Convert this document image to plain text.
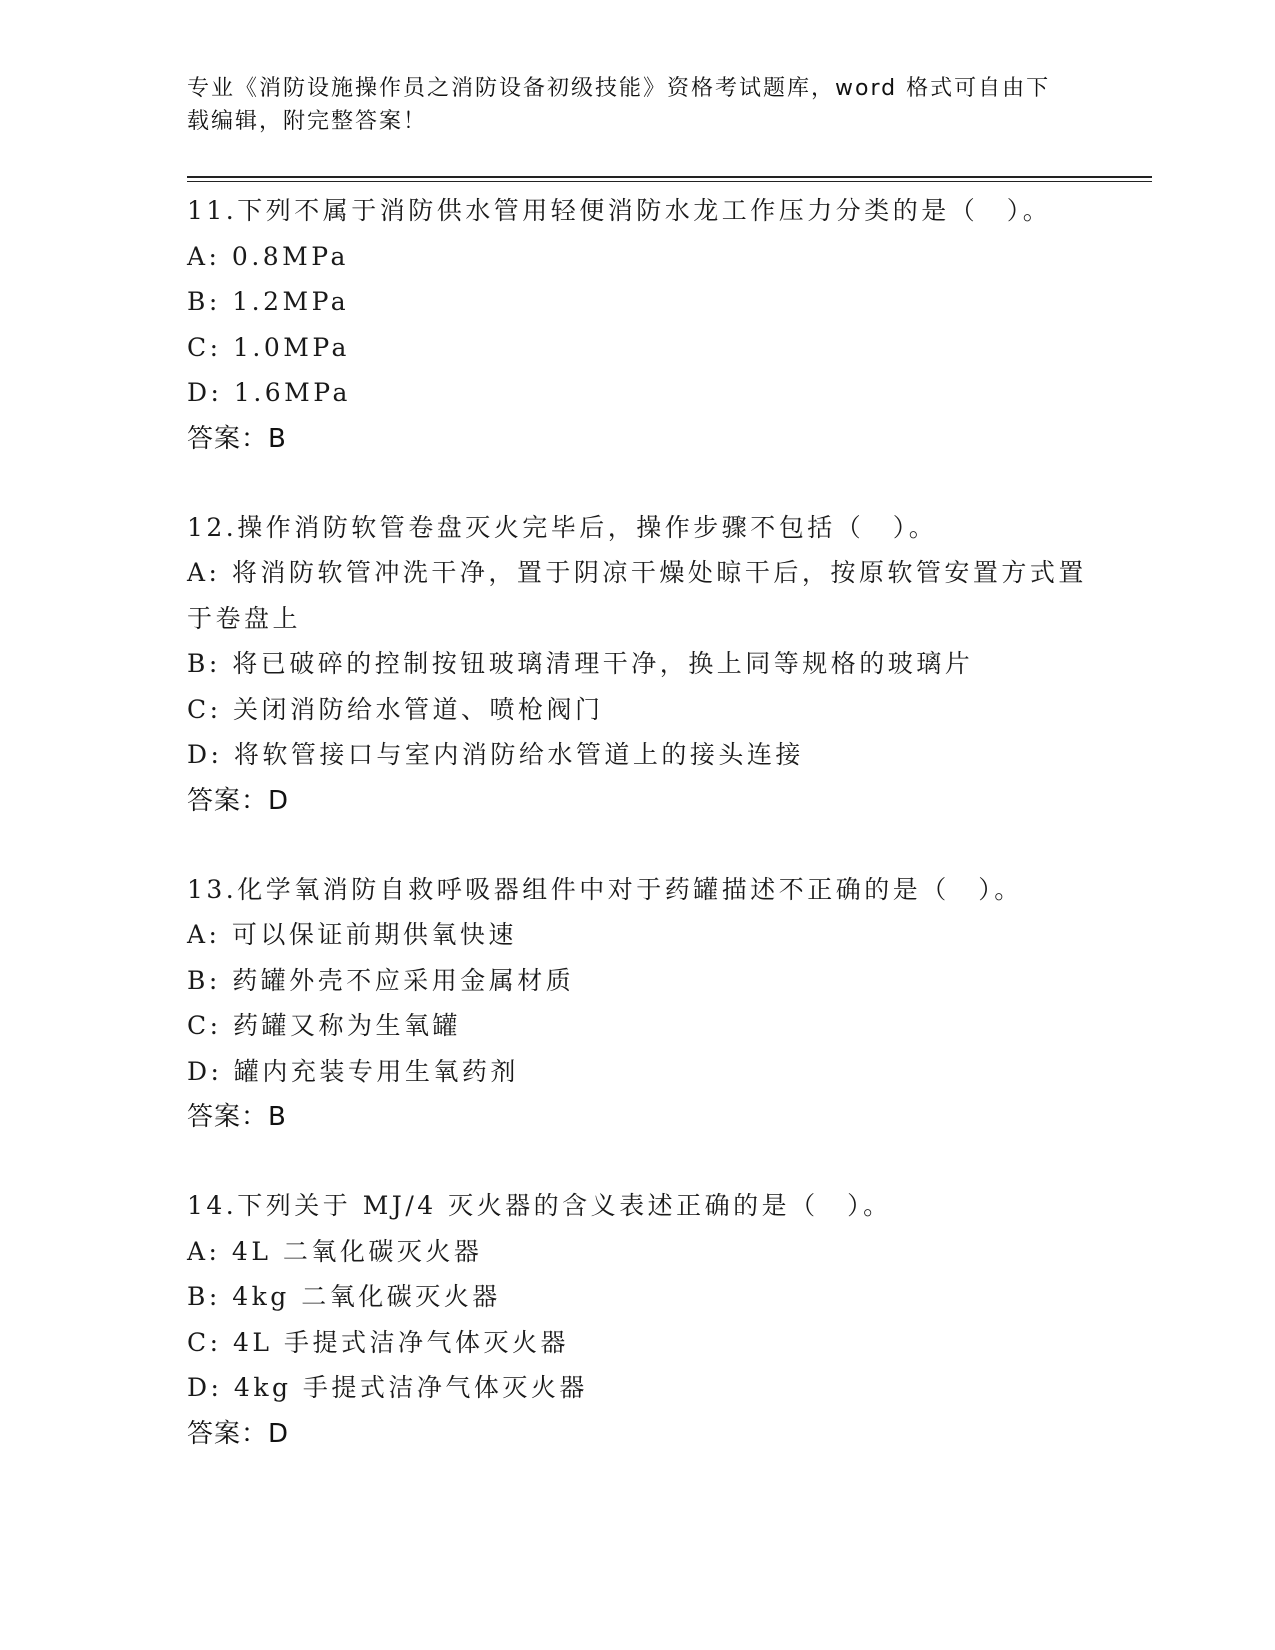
专业《消防设施操作员之消防设备初级技能》资格考试题库，word 格式可自由下载编辑，附完整答案！
11.下列不属于消防供水管用轻便消防水龙工作压力分类的是（　）。
A: 0.8MPa
B: 1.2MPa
C: 1.0MPa
D: 1.6MPa
答案：B
12.操作消防软管卷盘灭火完毕后，操作步骤不包括（　）。
A: 将消防软管冲洗干净，置于阴凉干燥处晾干后，按原软管安置方式置于卷盘上
B: 将已破碎的控制按钮玻璃清理干净，换上同等规格的玻璃片
C: 关闭消防给水管道、喷枪阀门
D: 将软管接口与室内消防给水管道上的接头连接
答案：D
13.化学氧消防自救呼吸器组件中对于药罐描述不正确的是（　）。
A: 可以保证前期供氧快速
B: 药罐外壳不应采用金属材质
C: 药罐又称为生氧罐
D: 罐内充装专用生氧药剂
答案：B
14.下列关于 MJ/4 灭火器的含义表述正确的是（　）。
A: 4L 二氧化碳灭火器
B: 4kg 二氧化碳灭火器
C: 4L 手提式洁净气体灭火器
D: 4kg 手提式洁净气体灭火器
答案：D
